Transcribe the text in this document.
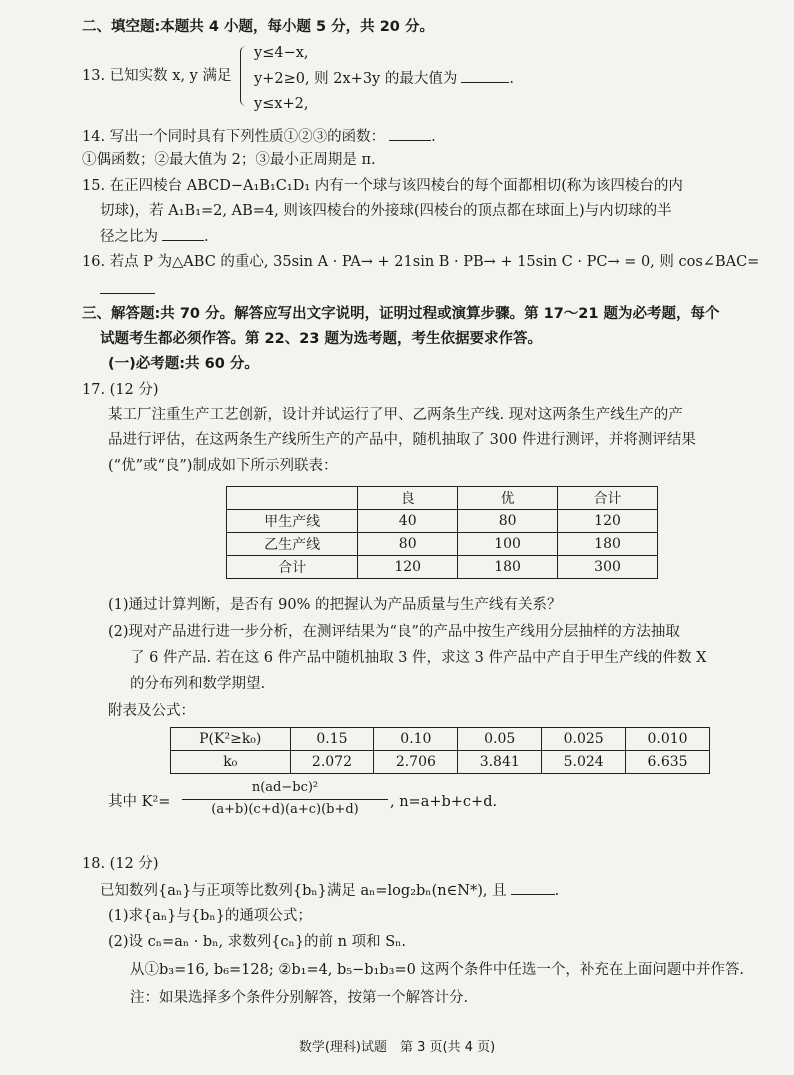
二、填空题:本题共 4 小题，每小题 5 分，共 20 分。
13. 已知实数 x, y 满足
y≤4−x,
y+2≥0, 则 2x+3y 的最大值为	.
y≤x+2,
14. 写出一个同时具有下列性质①②③的函数：	.
①偶函数；②最大值为 2；③最小正周期是 π.
15. 在正四棱台 ABCD−A₁B₁C₁D₁ 内有一个球与该四棱台的每个面都相切(称为该四棱台的内
切球)，若 A₁B₁=2, AB=4, 则该四棱台的外接球(四棱台的顶点都在球面上)与内切球的半
径之比为	.
16. 若点 P 为△ABC 的重心, 35sin A · PA→ + 21sin B · PB→ + 15sin C · PC→ = 0, 则 cos∠BAC=
三、解答题:共 70 分。解答应写出文字说明，证明过程或演算步骤。第 17～21 题为必考题，每个
试题考生都必须作答。第 22、23 题为选考题，考生依据要求作答。
(一)必考题:共 60 分。
17. (12 分)
某工厂注重生产工艺创新，设计并试运行了甲、乙两条生产线. 现对这两条生产线生产的产
品进行评估，在这两条生产线所生产的产品中，随机抽取了 300 件进行测评，并将测评结果
(“优”或“良”)制成如下所示列联表：
	良	优	合计
甲生产线	40	80	120
乙生产线	80	100	180
合计	120	180	300
(1)通过计算判断，是否有 90% 的把握认为产品质量与生产线有关系？
(2)现对产品进行进一步分析，在测评结果为“良”的产品中按生产线用分层抽样的方法抽取
了 6 件产品. 若在这 6 件产品中随机抽取 3 件，求这 3 件产品中产自于甲生产线的件数 X
的分布列和数学期望.
附表及公式：
P(K²≥k₀)	0.15	0.10	0.05	0.025	0.010
k₀	2.072	2.706	3.841	5.024	6.635
其中 K²=
n(ad−bc)²
(a+b)(c+d)(a+c)(b+d)	, n=a+b+c+d.
18. (12 分)
已知数列{aₙ}与正项等比数列{bₙ}满足 aₙ=log₂bₙ(n∈N*), 且	.
(1)求{aₙ}与{bₙ}的通项公式；
(2)设 cₙ=aₙ · bₙ, 求数列{cₙ}的前 n 项和 Sₙ.
从①b₃=16, b₆=128; ②b₁=4, b₅−b₁b₃=0 这两个条件中任选一个，补充在上面问题中并作答.
注：如果选择多个条件分别解答，按第一个解答计分.
数学(理科)试题　第 3 页(共 4 页)
